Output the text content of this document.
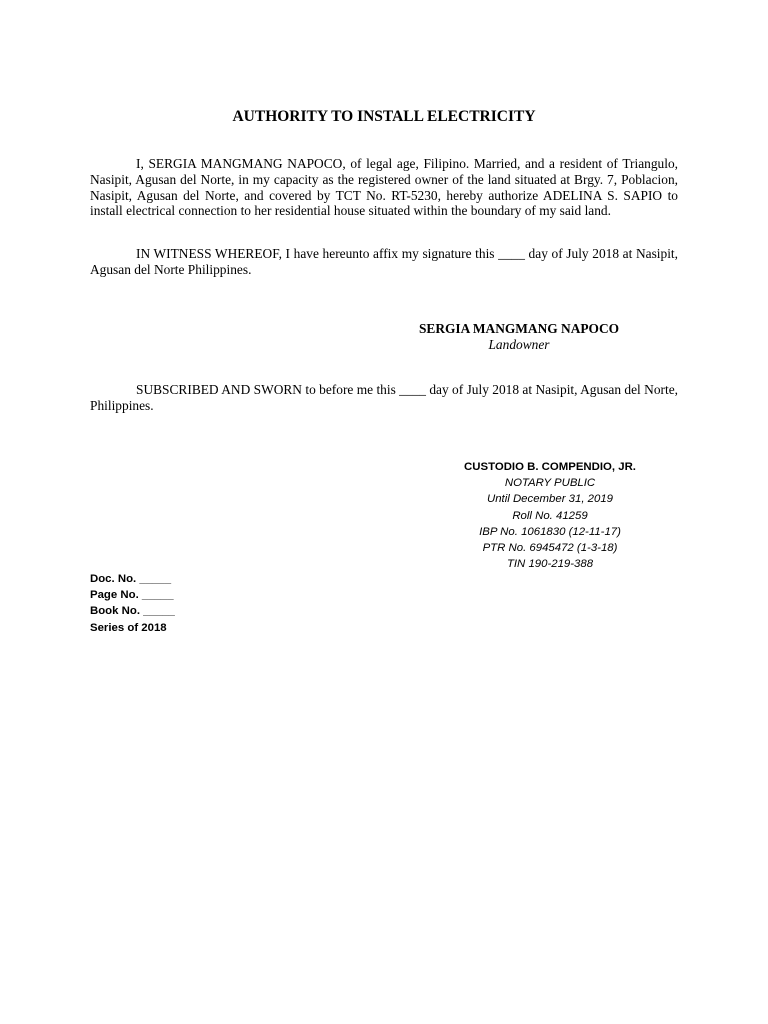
AUTHORITY TO INSTALL ELECTRICITY

I, SERGIA MANGMANG NAPOCO, of legal age, Filipino. Married, and a resident of Triangulo, Nasipit, Agusan del Norte, in my capacity as the registered owner of the land situated at Brgy. 7, Poblacion, Nasipit, Agusan del Norte, and covered by TCT No. RT-5230, hereby authorize ADELINA S. SAPIO to install electrical connection to her residential house situated within the boundary of my said land.

IN WITNESS WHEREOF, I have hereunto affix my signature this ____ day of July 2018 at Nasipit, Agusan del Norte Philippines.

SERGIA MANGMANG NAPOCO
Landowner

SUBSCRIBED AND SWORN to before me this ____ day of July 2018 at Nasipit, Agusan del Norte, Philippines.

CUSTODIO B. COMPENDIO, JR.
NOTARY PUBLIC
Until December 31, 2019
Roll No. 41259
IBP No. 1061830 (12-11-17)
PTR No. 6945472 (1-3-18)
TIN 190-219-388
Doc. No. _____
Page No. _____
Book No. _____
Series of 2018
